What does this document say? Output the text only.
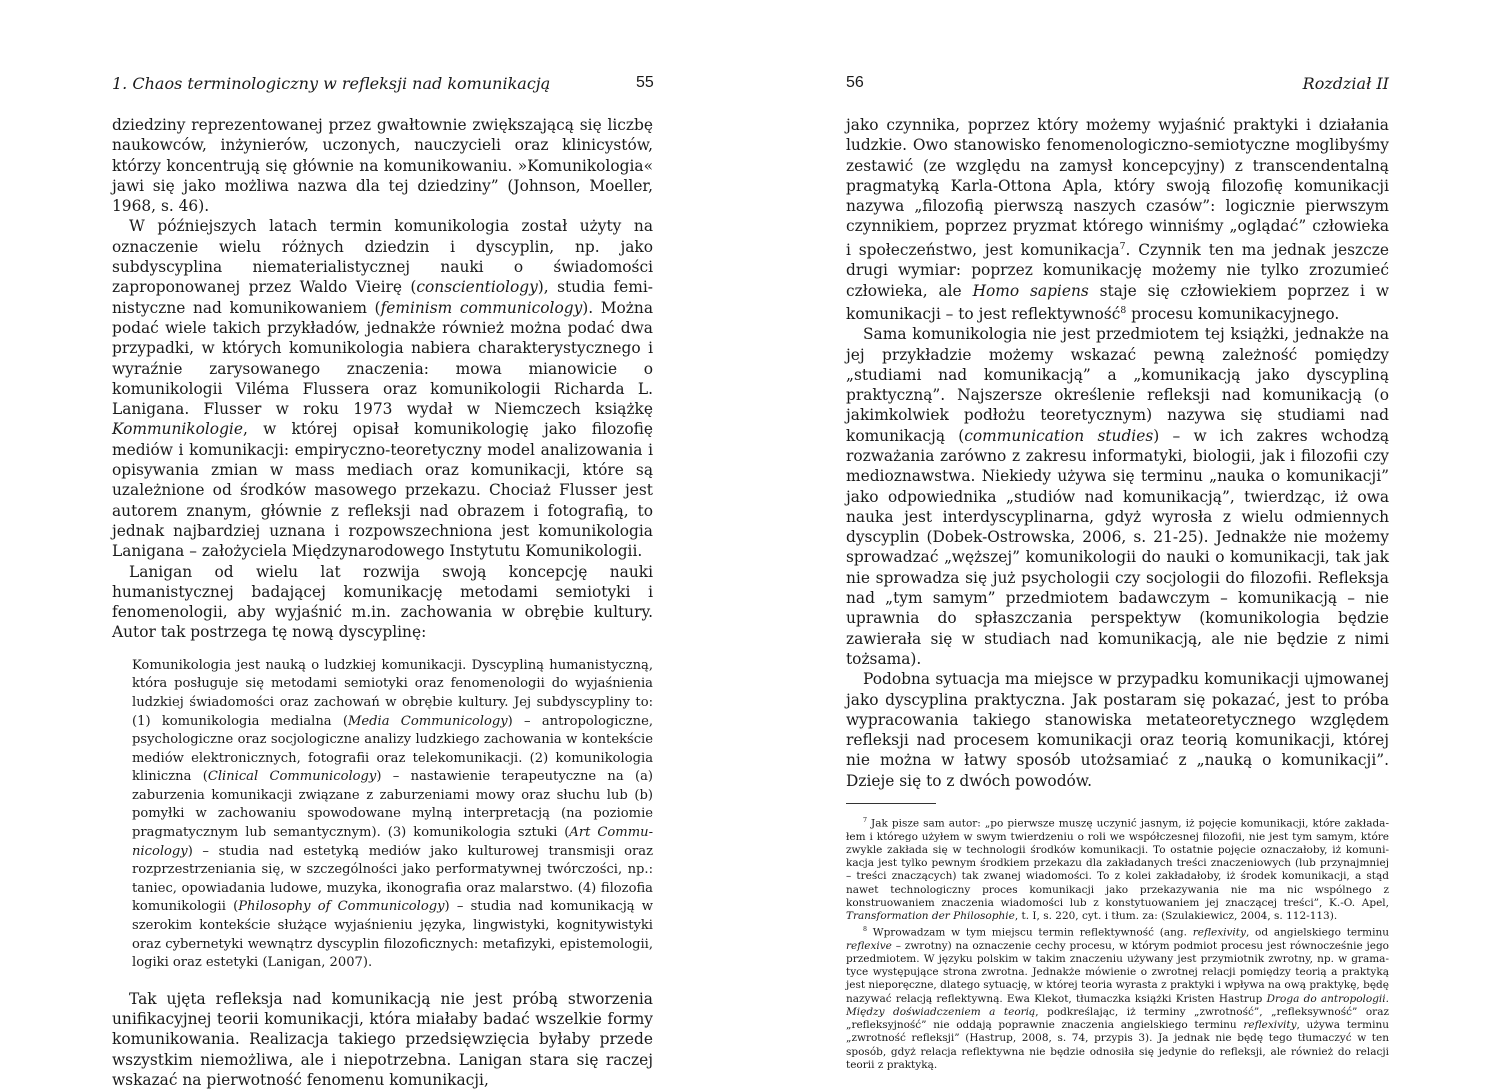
1. Chaos terminologiczny w refleksji nad komunikacją	55

dziedziny reprezentowanej przez gwałtownie zwiększającą się liczbę naukowców, inżynierów, uczonych, nauczycieli oraz klinicystów, którzy koncentrują się głównie na komunikowaniu. »Komunikologia« jawi się jako możliwa nazwa dla tej dziedziny” (Johnson, Moeller, 1968, s. 46).

W późniejszych latach termin komunikologia został użyty na oznaczenie wielu różnych dziedzin i dyscyplin, np. jako subdyscyplina niematerialistycznej nauki o świadomości zaproponowanej przez Waldo Vieirę (conscientiology), studia feministyczne nad komunikowaniem (feminism communicology). Można podać wiele takich przykładów, jednakże również można podać dwa przypadki, w których komunikologia nabiera charakterystycznego i wyraźnie zarysowanego znaczenia: mowa mianowicie o komunikologii Viléma Flussera oraz komunikologii Richarda L. Lanigana. Flusser w roku 1973 wydał w Niemczech książkę Kommunikologie, w której opisał komunikologię jako filozofię mediów i komunikacji: empiryczno-teoretyczny model analizowania i opisywania zmian w mass mediach oraz komunikacji, które są uzależnione od środków masowego przekazu. Chociaż Flusser jest autorem znanym, głównie z refleksji nad obrazem i fotografią, to jednak najbardziej uznana i rozpowszechniona jest komunikologia Lanigana – założyciela Międzynarodowego Instytutu Komunikologii.

Lanigan od wielu lat rozwija swoją koncepcję nauki humanistycznej badającej komunikację metodami semiotyki i fenomenologii, aby wyjaśnić m.in. zachowania w obrębie kultury. Autor tak postrzega tę nową dyscyplinę:

Komunikologia jest nauką o ludzkiej komunikacji. Dyscypliną humanistyczną, która posługuje się metodami semiotyki oraz fenomenologii do wyjaśnienia ludzkiej świadomości oraz zachowań w obrębie kultury. Jej subdyscypliny to: (1) komunikologia medialna (Media Communicology) – antropologiczne, psychologiczne oraz socjologiczne analizy ludzkiego zachowania w kontekście mediów elektronicznych, fotografii oraz telekomunikacji. (2) komunikologia kliniczna (Clinical Communicology) – nastawienie terapeutyczne na (a) zaburzenia komunikacji związane z zaburzeniami mowy oraz słuchu lub (b) pomyłki w zachowaniu spowodowane mylną interpretacją (na poziomie pragmatycznym lub semantycznym). (3) komunikologia sztuki (Art Communicology) – studia nad estetyką mediów jako kulturowej transmisji oraz rozprzestrzeniania się, w szczególności jako performatywnej twórczości, np.: taniec, opowiadania ludowe, muzyka, ikonografia oraz malarstwo. (4) filozofia komunikologii (Philosophy of Communicology) – studia nad komunikacją w szerokim kontekście służące wyjaśnieniu języka, lingwistyki, kognitywistyki oraz cybernetyki wewnątrz dyscyplin filozoficznych: metafizyki, epistemologii, logiki oraz estetyki (Lanigan, 2007).

Tak ujęta refleksja nad komunikacją nie jest próbą stworzenia unifikacyjnej teorii komunikacji, która miałaby badać wszelkie formy komunikowania. Realizacja takiego przedsięwzięcia byłaby przede wszystkim niemożliwa, ale i niepotrzebna. Lanigan stara się raczej wskazać na pierwotność fenomenu komunikacji,

56	Rozdział II

jako czynnika, poprzez który możemy wyjaśnić praktyki i działania ludzkie. Owo stanowisko fenomenologiczno-semiotyczne moglibyśmy zestawić (ze względu na zamysł koncepcyjny) z transcendentalną pragmatyką Karla-Ottona Apla, który swoją filozofię komunikacji nazywa „filozofią pierwszą naszych czasów”: logicznie pierwszym czynnikiem, poprzez pryzmat którego winniśmy „oglądać” człowieka i społeczeństwo, jest komunikacja$^7$. Czynnik ten ma jednak jeszcze drugi wymiar: poprzez komunikację możemy nie tylko zrozumieć człowieka, ale Homo sapiens staje się człowiekiem poprzez i w komunikacji – to jest reflektywność$^8$ procesu komunikacyjnego.

Sama komunikologia nie jest przedmiotem tej książki, jednakże na jej przykładzie możemy wskazać pewną zależność pomiędzy „studiami nad komunikacją” a „komunikacją jako dyscypliną praktyczną”. Najszersze określenie refleksji nad komunikacją (o jakimkolwiek podłożu teoretycznym) nazywa się studiami nad komunikacją (communication studies) – w ich zakres wchodzą rozważania zarówno z zakresu informatyki, biologii, jak i filozofii czy medioznawstwa. Niekiedy używa się terminu „nauka o komunikacji” jako odpowiednika „studiów nad komunikacją”, twierdząc, iż owa nauka jest interdyscyplinarna, gdyż wyrosła z wielu odmiennych dyscyplin (Dobek-Ostrowska, 2006, s. 21-25). Jednakże nie możemy sprowadzać „węższej” komunikologii do nauki o komunikacji, tak jak nie sprowadza się już psychologii czy socjologii do filozofii. Refleksja nad „tym samym” przedmiotem badawczym – komunikacją – nie uprawnia do spłaszczania perspektyw (komunikologia będzie zawierała się w studiach nad komunikacją, ale nie będzie z nimi tożsama).

Podobna sytuacja ma miejsce w przypadku komunikacji ujmowanej jako dyscyplina praktyczna. Jak postaram się pokazać, jest to próba wypracowania takiego stanowiska metateoretycznego względem refleksji nad procesem komunikacji oraz teorią komunikacji, której nie można w łatwy sposób utożsamiać z „nauką o komunikacji”. Dzieje się to z dwóch powodów.

$^7$ Jak pisze sam autor: „po pierwsze muszę uczynić jasnym, iż pojęcie komunikacji, które zakładałem i którego użyłem w swym twierdzeniu o roli we współczesnej filozofii, nie jest tym samym, które zwykle zakłada się w technologii środków komunikacji. To ostatnie pojęcie oznaczałoby, iż komunikacja jest tylko pewnym środkiem przekazu dla zakładanych treści znaczeniowych (lub przynajmniej – treści znaczących) tak zwanej wiadomości. To z kolei zakładałoby, iż środek komunikacji, a stąd nawet technologiczny proces komunikacji jako przekazywania nie ma nic wspólnego z konstruowaniem znaczenia wiadomości lub z konstytuowaniem jej znaczącej treści”, K.-O. Apel, Transformation der Philosophie, t. I, s. 220, cyt. i tłum. za: (Szulakiewicz, 2004, s. 112-113).

$^8$ Wprowadzam w tym miejscu termin reflektywność (ang. reflexivity, od angielskiego terminu reflexive – zwrotny) na oznaczenie cechy procesu, w którym podmiot procesu jest równocześnie jego przedmiotem. W języku polskim w takim znaczeniu używany jest przymiotnik zwrotny, np. w gramatyce występujące strona zwrotna. Jednakże mówienie o zwrotnej relacji pomiędzy teorią a praktyką jest nieporęczne, dlatego sytuację, w której teoria wyrasta z praktyki i wpływa na ową praktykę, będę nazywać relacją reflektywną. Ewa Klekot, tłumaczka książki Kristen Hastrup Droga do antropologii. Między doświadczeniem a teorią, podkreślając, iż terminy „zwrotność”, „refleksywność” oraz „refleksyjność” nie oddają poprawnie znaczenia angielskiego terminu reflexivity, używa terminu „zwrotność refleksji” (Hastrup, 2008, s. 74, przypis 3). Ja jednak nie będę tego tłumaczyć w ten sposób, gdyż relacja reflektywna nie będzie odnosiła się jedynie do refleksji, ale również do relacji teorii z praktyką.
